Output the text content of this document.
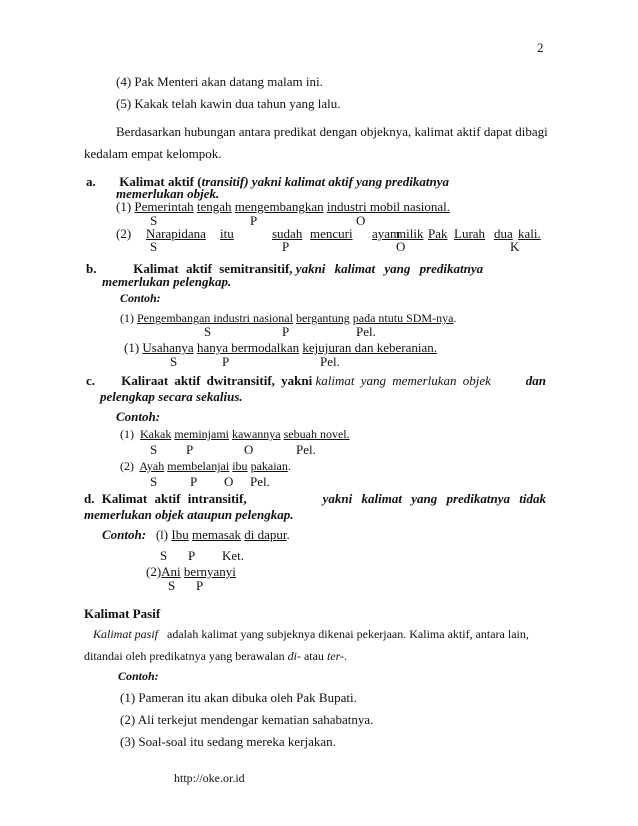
2
(4) Pak Menteri akan datang malam ini.
(5) Kakak telah kawin dua tahun yang lalu.
Berdasarkan hubungan antara predikat dengan objeknya, kalimat aktif dapat dibagi
kedalam empat kelompok.
a. Kalimat aktif (transitif) yakni kalimat aktif yang predikatnya
memerlukan objek.
(1) Pemerintah tengah mengembangkan industri mobil nasional.
S	P	O
(2) Narapidana itu	sudah mencuri ayam
milik Pak Lurah dua kali.
S	P	O	K
b.	Kalimat aktif semitransitif, yakni kalimat yang predikatnya
memerlukan pelengkap.
Contoh:
(1) Pengembangan industri nasional bergantung pada ntutu SDM-nya.
S	P	Pel.
(1) Usahanya hanya bermodalkan kejujuran dan keberanian.
S	P	Pel.
c. Kaliraat aktif dwitransitif, yakni kalimat yang memerlukan objek	dan
pelengkap secara sekalius.
Contoh:
(1) Kakak meminjami kawannya sebuah novel.
S P	O	Pel.
(2) Ayah membelanjai ibu pakaian.
S	P O Pel.
d. Kalimat aktif intransitif,	yakni kalimat yang predikatnya tidak
memerlukan objek ataupun pelengkap.
Contoh: (l) Ibu memasak di dapur.
S P Ket.
(2)Ani bernyanyi
S P
Kalimat Pasif
Kalimat pasif adalah kalimat yang subjeknya dikenai pekerjaan. Kalima aktif, antara lain,
ditandai oleh predikatnya yang berawalan di- atau ter-.
Contoh:
(1) Pameran itu akan dibuka oleh Pak Bupati.
(2) Ali terkejut mendengar kematian sahabatnya.
(3) Soal-soal itu sedang mereka kerjakan.
http://oke.or.id
